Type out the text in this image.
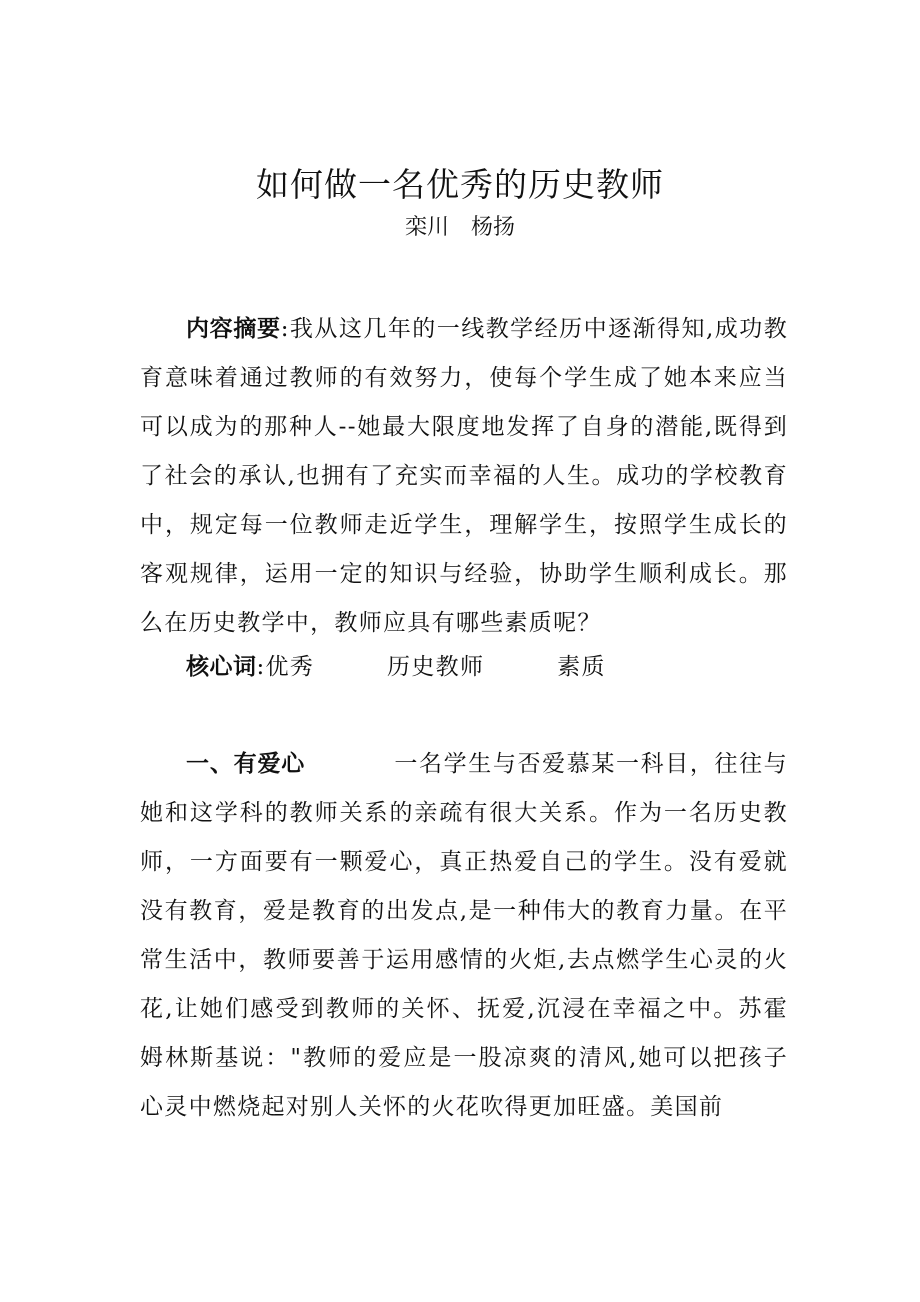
如何做一名优秀的历史教师
栾川　杨扬

内容摘要:我从这几年的一线教学经历中逐渐得知,成功教育意味着通过教师的有效努力，使每个学生成了她本来应当可以成为的那种人--她最大限度地发挥了自身的潜能,既得到了社会的承认,也拥有了充实而幸福的人生。成功的学校教育中，规定每一位教师走近学生，理解学生，按照学生成长的客观规律，运用一定的知识与经验，协助学生顺利成长。那么在历史教学中，教师应具有哪些素质呢？

核心词:优秀　　　历史教师　　　素质

一、有爱心	一名学生与否爱慕某一科目，往往与她和这学科的教师关系的亲疏有很大关系。作为一名历史教师，一方面要有一颗爱心，真正热爱自己的学生。没有爱就没有教育，爱是教育的出发点,是一种伟大的教育力量。在平常生活中，教师要善于运用感情的火炬,去点燃学生心灵的火花,让她们感受到教师的关怀、抚爱,沉浸在幸福之中。苏霍姆林斯基说："教师的爱应是一股凉爽的清风,她可以把孩子心灵中燃烧起对别人关怀的火花吹得更加旺盛。美国前
